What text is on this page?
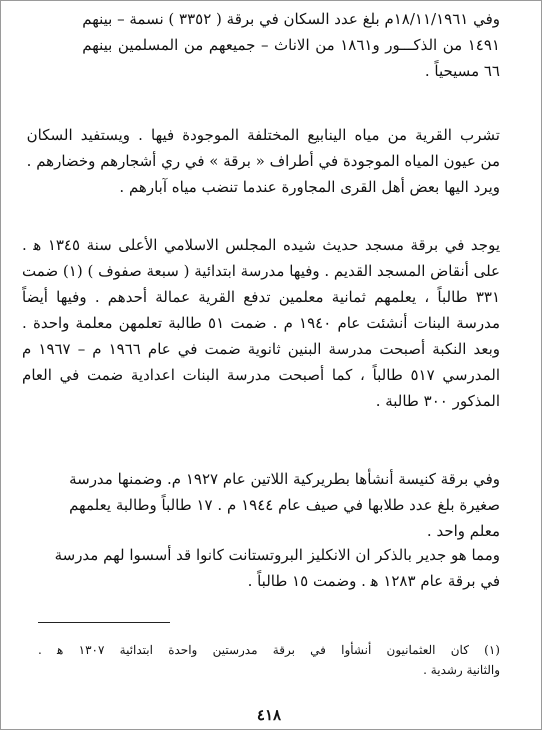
وفي ١٨/١١/١٩٦١م بلغ عدد السكان في برقة ( ٣٣٥٢ ) نسمة – بينهم
١٤٩١ من الذكـــور و١٨٦١ من الاناث – جميعهم من المسلمين بينهم
٦٦ مسيحياً .
تشرب القرية من مياه الينابيع المختلفة الموجودة فيها . ويستفيد السكان
من عيون المياه الموجودة في أطراف « برقة » في ري أشجارهم وخضارهم .
ويرد اليها بعض أهل القرى المجاورة عندما تنضب مياه آبارهم .
يوجد في برقة مسجد حديث شيده المجلس الاسلامي الأعلى سنة ١٣٤٥ ﻫ .
على أنقاض المسجد القديم . وفيها مدرسة ابتدائية ( سبعة صفوف ) (١) ضمت
٣٣١ طالباً ، يعلمهم ثمانية معلمين تدفع القرية عمالة أحدهم . وفيها أيضاً
مدرسة البنات أنشئت عام ١٩٤٠ م . ضمت ٥١ طالبة تعلمهن معلمة واحدة .
وبعد النكبة أصبحت مدرسة البنين ثانوية ضمت في عام ١٩٦٦ م – ١٩٦٧ م
المدرسي ٥١٧ طالباً ، كما أصبحت مدرسة البنات اعدادية ضمت في العام
المذكور ٣٠٠ طالبة .
وفي برقة كنيسة أنشأها بطريركية اللاتين عام ١٩٢٧ م. وضمنها مدرسة
صغيرة بلغ عدد طلابها في صيف عام ١٩٤٤ م . ١٧ طالباً وطالبة يعلمهم
معلم واحد .
ومما هو جدير بالذكر ان الانكليز البروتستانت كانوا قد أسسوا لهم مدرسة
في برقة عام ١٢٨٣ ﻫ . وضمت ١٥ طالباً .
(١) كان العثمانيون أنشأوا في برقة مدرستين واحدة ابتدائية ١٣٠٧ ﻫ .
والثانية رشدية .
٤١٨
